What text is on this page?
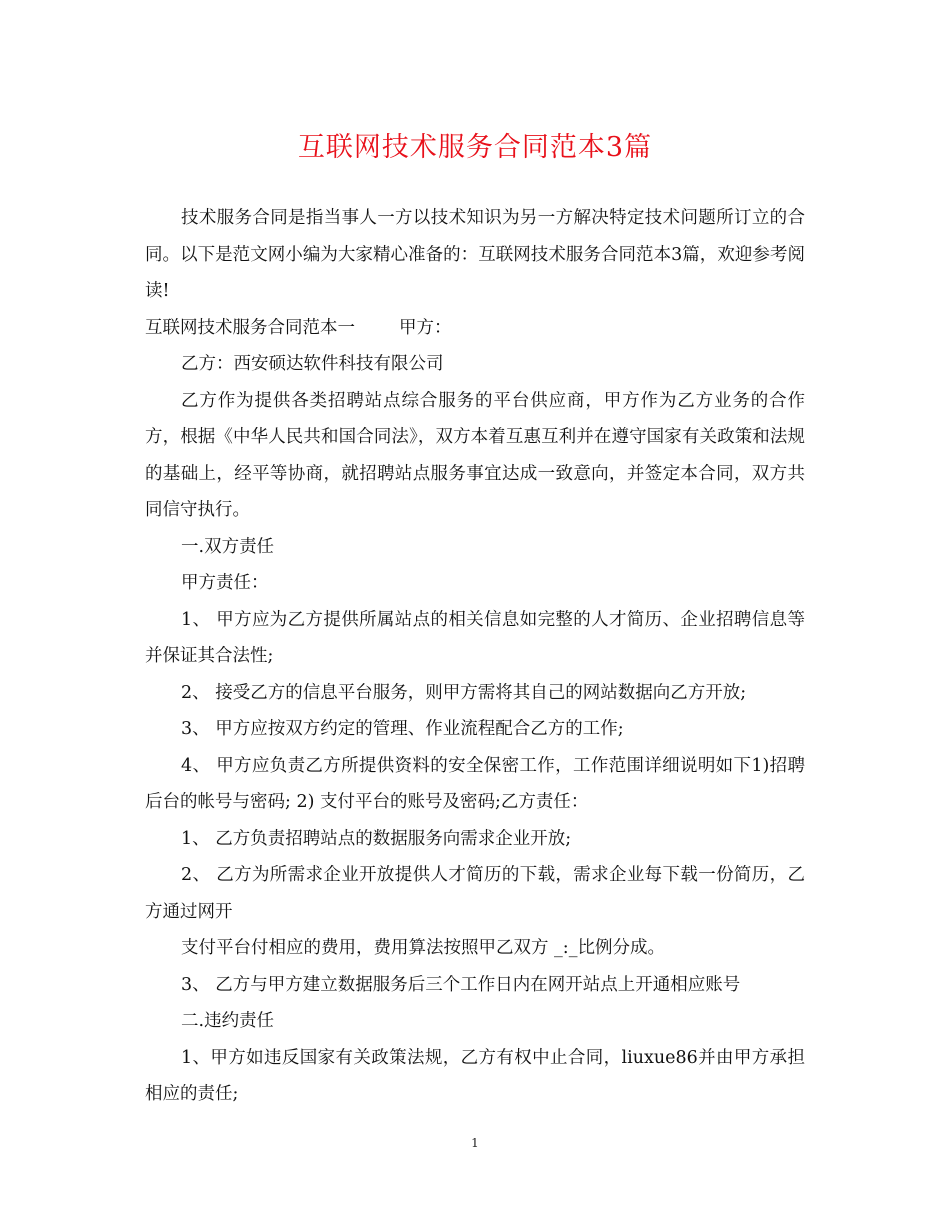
互联网技术服务合同范本3篇

技术服务合同是指当事人一方以技术知识为另一方解决特定技术问题所订立的合同。以下是范文网小编为大家精心准备的：互联网技术服务合同范本3篇，欢迎参考阅读!

互联网技术服务合同范本一	甲方：

乙方：西安硕达软件科技有限公司

乙方作为提供各类招聘站点综合服务的平台供应商，甲方作为乙方业务的合作方，根据《中华人民共和国合同法》，双方本着互惠互利并在遵守国家有关政策和法规的基础上，经平等协商，就招聘站点服务事宜达成一致意向，并签定本合同，双方共同信守执行。

一.双方责任

甲方责任：

1、 甲方应为乙方提供所属站点的相关信息如完整的人才简历、企业招聘信息等并保证其合法性;

2、 接受乙方的信息平台服务，则甲方需将其自己的网站数据向乙方开放;

3、 甲方应按双方约定的管理、作业流程配合乙方的工作;

4、 甲方应负责乙方所提供资料的安全保密工作，工作范围详细说明如下1)招聘后台的帐号与密码; 2) 支付平台的账号及密码;乙方责任：

1、 乙方负责招聘站点的数据服务向需求企业开放;

2、 乙方为所需求企业开放提供人才简历的下载，需求企业每下载一份简历，乙方通过网开

支付平台付相应的费用，费用算法按照甲乙双方 _:_比例分成。

3、 乙方与甲方建立数据服务后三个工作日内在网开站点上开通相应账号

二.违约责任

1、甲方如违反国家有关政策法规，乙方有权中止合同，liuxue86并由甲方承担相应的责任;

1
